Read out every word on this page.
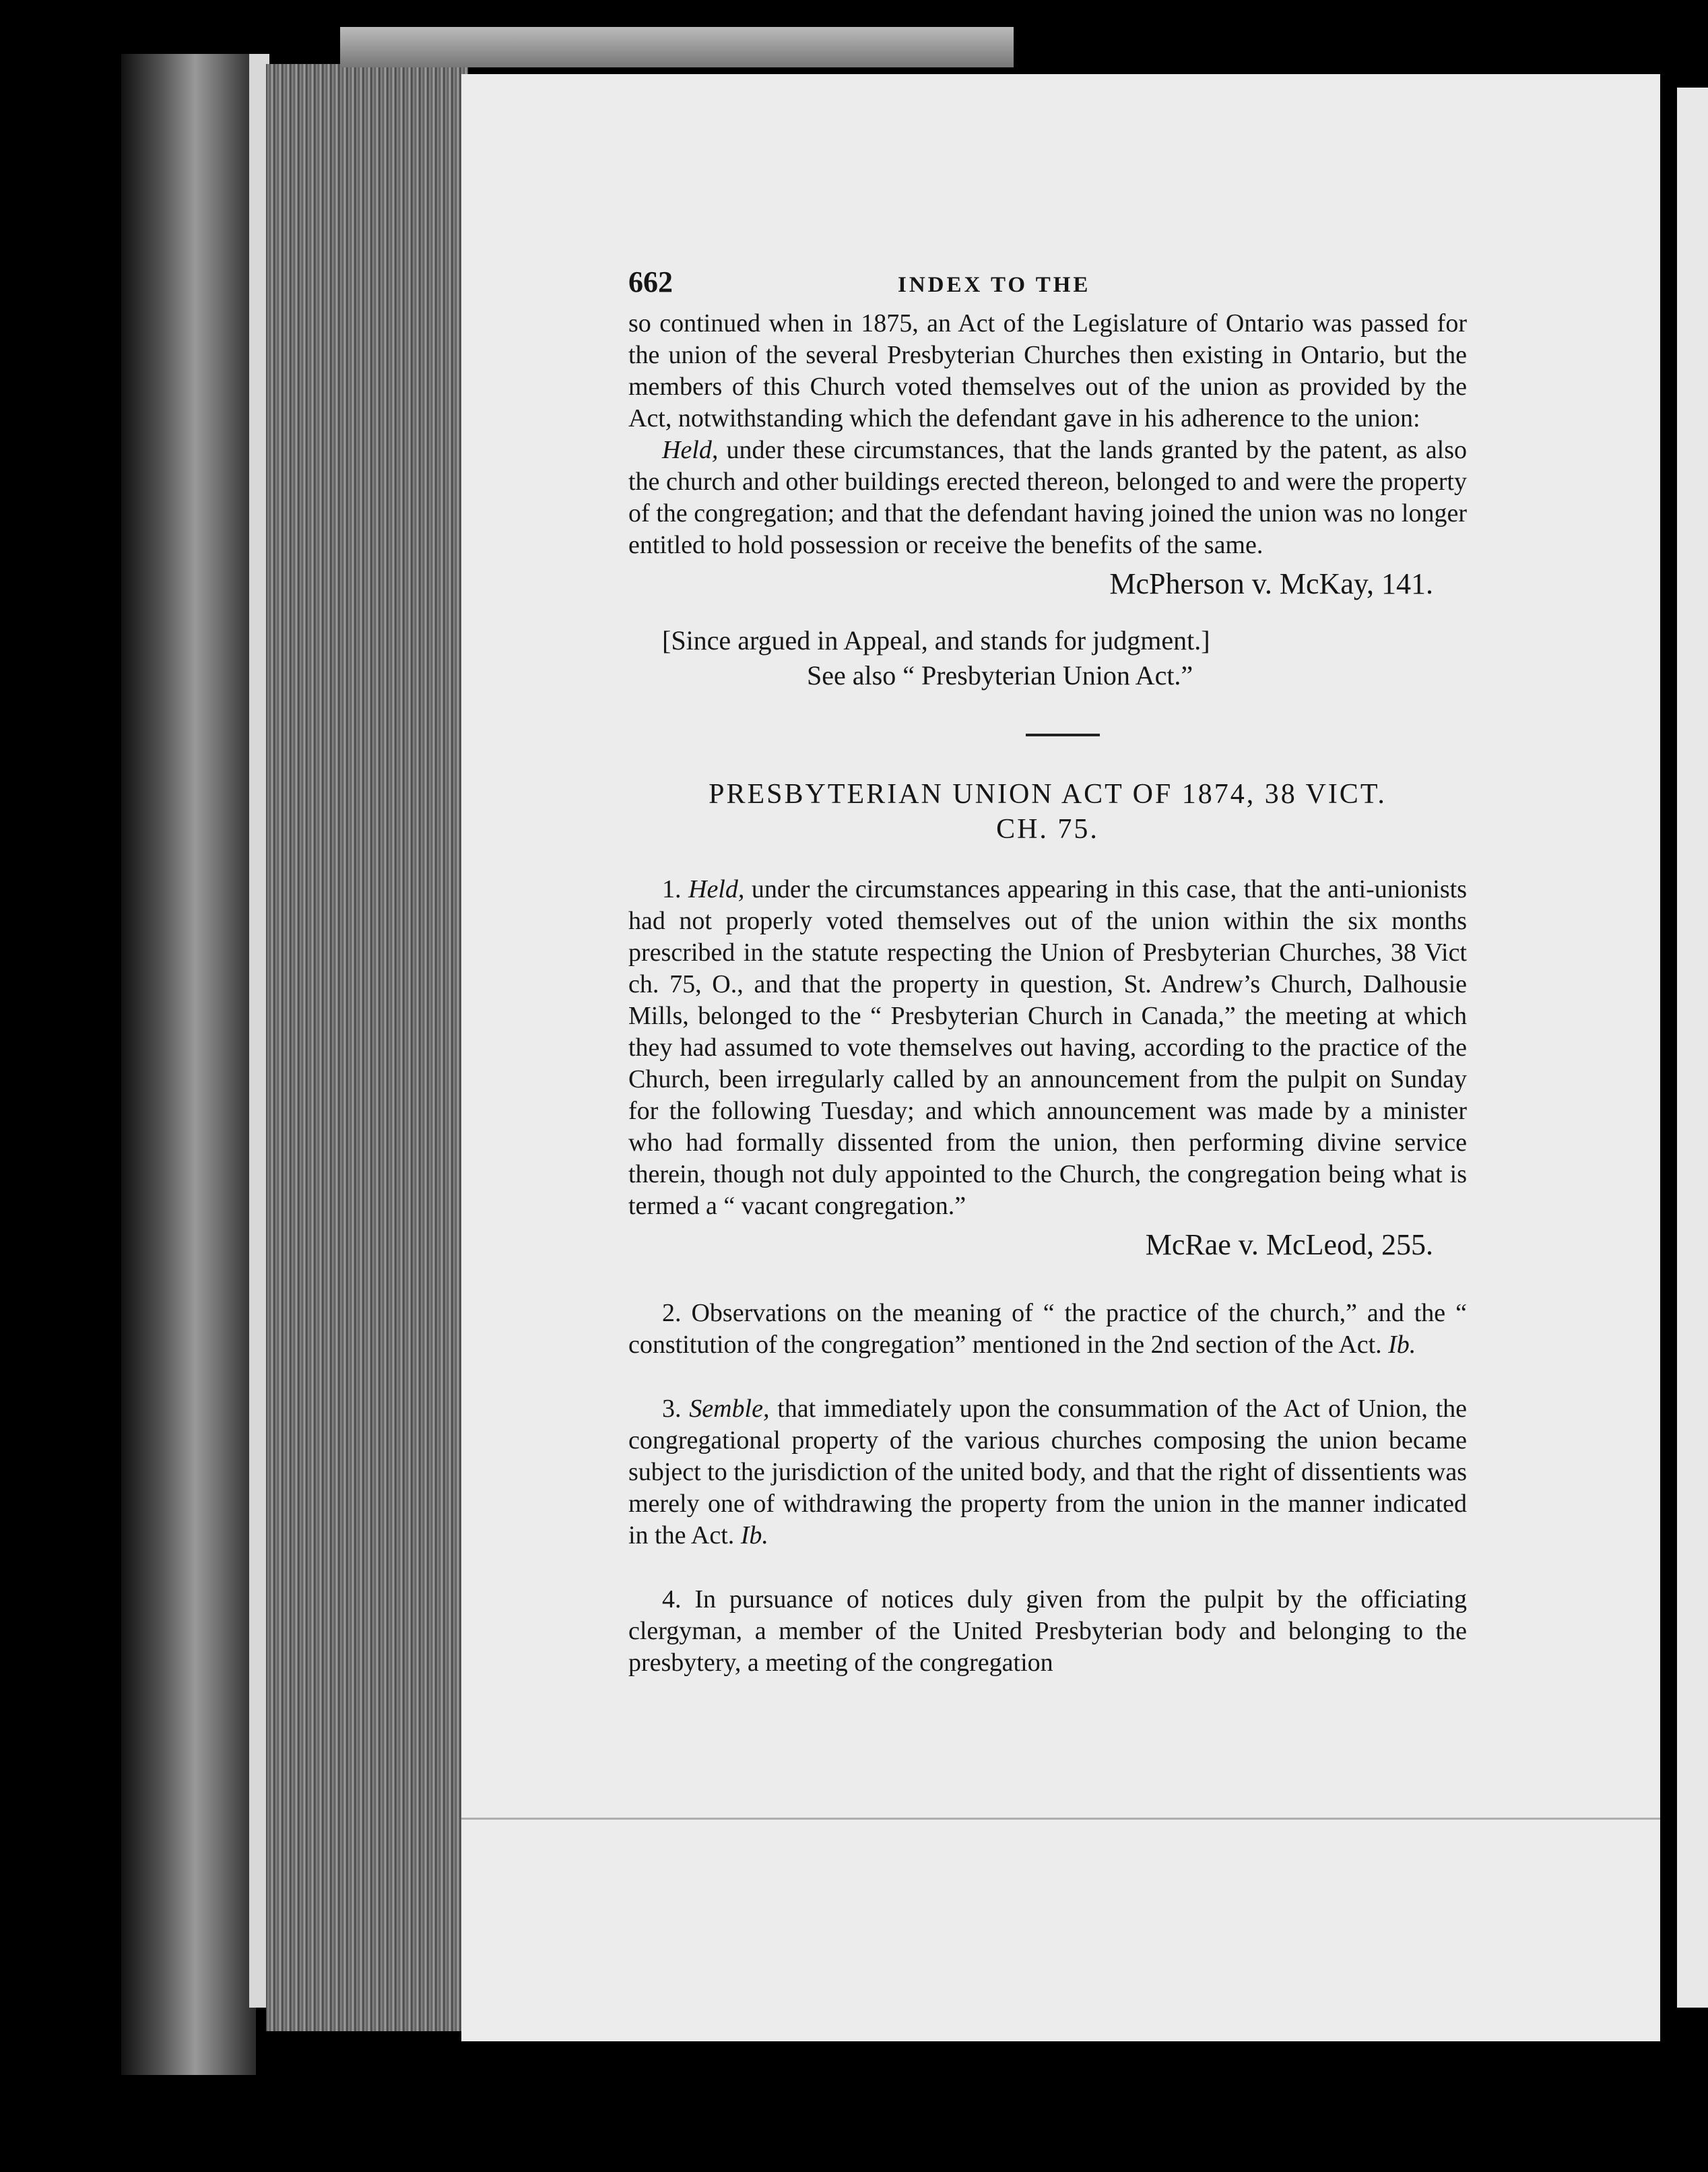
662	INDEX TO THE

so continued when in 1875, an Act of the Legislature of Ontario was passed for the union of the several Presbyterian Churches then existing in Ontario, but the members of this Church voted themselves out of the union as provided by the Act, notwithstanding which the defendant gave in his adherence to the union:

Held, under these circumstances, that the lands granted by the patent, as also the church and other buildings erected thereon, belonged to and were the property of the congregation; and that the defendant having joined the union was no longer entitled to hold possession or receive the benefits of the same.

McPherson v. McKay, 141.

[Since argued in Appeal, and stands for judgment.]

See also “ Presbyterian Union Act.”

PRESBYTERIAN UNION ACT OF 1874, 38 VICT.
CH. 75.

1. Held, under the circumstances appearing in this case, that the anti-unionists had not properly voted themselves out of the union within the six months prescribed in the statute respecting the Union of Presbyterian Churches, 38 Vict ch. 75, O., and that the property in question, St. Andrew’s Church, Dalhousie Mills, belonged to the “ Presbyterian Church in Canada,” the meeting at which they had assumed to vote themselves out having, according to the practice of the Church, been irregularly called by an announcement from the pulpit on Sunday for the following Tuesday; and which announcement was made by a minister who had formally dissented from the union, then performing divine service therein, though not duly appointed to the Church, the congregation being what is termed a “ vacant congregation.”

McRae v. McLeod, 255.

2. Observations on the meaning of “ the practice of the church,” and the “ constitution of the congregation” mentioned in the 2nd section of the Act. Ib.

3. Semble, that immediately upon the consummation of the Act of Union, the congregational property of the various churches composing the union became subject to the jurisdiction of the united body, and that the right of dissentients was merely one of withdrawing the property from the union in the manner indicated in the Act. Ib.

4. In pursuance of notices duly given from the pulpit by the officiating clergyman, a member of the United Presbyterian body and belonging to the presbytery, a meeting of the congregation
